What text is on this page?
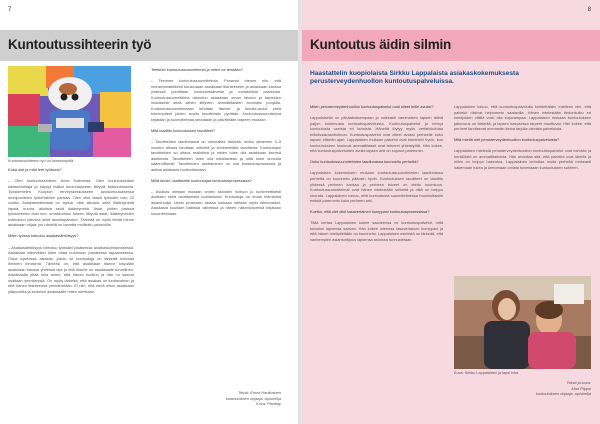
7
Kuntoutussihteerin työ
Kuntoutussihteerin työ on toimistotyötä.

Kuka olet ja mitä teet työksesi?

– Olen kuntoutussihteeri Anne Kaitomaa. Olen koulutukseltani sairaanhoitaja ja käynyt lisäksi kuntoutukseen liittyviä lisäkoulutuksia. Työskentelen Kuopion terveyskeskukseen avokuntoutuksessa monipuolisten työtehtävien parissa. Olen ollut tässä työssäni noin 20 vuotta. Asiakasmateriaali on lapsia, niitä aikuisia sekä ikääntyneitä lapsia, nuoria, aikuisia sekä ikääntyneitä. Asiat, joiden parissa työskentelen ovat mm. omaishoidon tukeen liittyvät asiat, ikääntyneiden kotihoidon palvelut sekä asumispalvelut. Tärkeää on myös tietää minne asiakkaan ohjaa, jos hänellä on tarvetta muillekin palveluille.

Miten työssä toteutuu asiakaslähtöisyys?

– Asiakaslähtöisyys toteutuu työssäni jokaisessa asiakaskohtaamisessa. Asiakkaat näkevätkin tulee ottaa huomioon jokaisessa tapaamisessa. Onpa kyseessä asiakas, jolloin se kuntoutuja on tärkeää kohdata ihminen ihmisenä. Tärkeää on, että asiakkaan tilanne käydään asiakkaan kanssa yhdessä läpi ja että tilanne on asiakkaalle turvallinen. Asiakkaalla pitää tulla tunne, että hänen kuultuu ja hän on saanut osaltaan ymmärrystä. On myös tärkeää, että asiakas on luottavainen ja että hänen tilanteensa ymmärretään. Ei niin, että minä olisin asiakkaan yläpuolella ja kertoisin asiakkaalle miten toimitaan.

Teettekö kuntoutussuunnitelmia ja miten ne tehdään?

– Teemme kuntoutussuunnitelmia. Prosessi etenee niin, että moniammatillisesti tutustutaan asiakkaan tilanteeseen ja asiakkaan kanssa yhdessä pohditaan kuntoutustarvetta ja mahdollisia palveluita. Kuntoutussuunnitelma rakentuu asiakkaan oman tahdon ja tarpeiden mukaisesti sekä siihen liittyvien ammattilaisten arvioiden pohjalta. Kuntoutussuunnitelmaan tehdään tilanne- ja tavoite-arviot sekä toimenpiteet joiden avulla tavoitteisiin pyritään. Kuntoutussuunnitelma kirjataan ja suunnitelmaa seurataan ja päivitetään tarpeen mukaan.

Mitä laadittu kuntoutuksen tavoitteet?

– Tavoitteiden laadinnassa on olennaista tärkeää, mutta viimeinen 3–5 vuoden aikana tarvitaan selkeitä ja konkreettisia tavoitteita. Kuntoutujan tavoitteiden on oltava realistisia ja niiden tulee olla asiakkaan itsensä asettamia. Tavoitteiden tulee olla mitattavissa ja niitä tulee arvioida säännöllisesti. Tavoitteiden asettaminen on osa kuntoutusprosessia ja auttaa asiakasta motivoitumaan.

Millä tavoin osallistatte kuntoutujaa kuntoutusprosessissa?

– Asiakas otetaan mukaan omien asioiden hoitoon jo konkreettisesti aloittaen sekä osoittamalla luottamusta. Kuntoutuja on oman elämänsä asiantuntija. Usein prosessin alussa mukaan otetaan myös lähiomaiset. Asiakasta kuullaan kaikissa vaiheissa ja hänen näkemyksensä kirjataan suunnitelmaan.

Teksti: Emmi Hartikainen
kuntoutuksen ohjaaja -opiskelija
Kuva: Pixabay
8
Kuntoutus äidin silmin
Haastattelin kuopiolaista Sirkku Lappalaista asiakaskokemuksesta perusterveydenhuollon kuntoutuspalveluissa.

Miten perusterveydenhuollon kuntoutuspalvelut ovat olleet teille avuksi?

Lappalaisella on pitkäaikaisempaan ja vaikeasti vammaisen lapsen äitinä paljon kokemusta kuntoutuspalveluista. Kuntoutuspalvelut ja tehnyt kuntoutusta useista eri tahoista. Häneltä löytyy myös vertailukohtaa erikoissairaanhoitoon. Kuntoutuspalvelut ovat olleet avuksi perheelle koko lapsen elämän ajan. Lappalaisen mukaan palvelut ovat toimineet hyvin, kun kuntoutukseen kuuluvat ammattilaiset ovat tehneet yhteistyötä. Hän kokee, että kuntoutuspalveluiden avulla lapsen arki on sujunut paremmin.

Onko kuntoutussuunnitelmien laadinnassa kuunneltu perhettä?

Lappalaisen kokemuksen mukaan kuntoutussuunnitelmien laadinnassa perhettä on kuunneltu pääosin hyvin. Kuntoutuksen tavoitteet on laadittu yhdessä perheen kanssa ja perheen toiveet on otettu huomioon. Kuntoutussuunnitelmat ovat hänen mielestään selkeitä ja niitä on helppo seurata. Lappalainen toivoo, että kuntoutusta suunniteltaessa huomioitaisiin entistä paremmin koko perheen arki.

Koetko, että olet ollut tasavertainen kumppani kuntoutusprosessissa?

Tällä kertaa Lappalainen kokee saaneensa ne kuntoutuspalvelut, mitä toivoikin lapsensa saavan. Hän kokee olleensa tasavertainen kumppani ja että hänen mielipiteitään on kuunneltu. Lappalaisen mielestä on tärkeää, että vanhempien asiantuntijuus lapsensa asioissa tunnustetaan.

Lappalainen toivoo, että kuntoutuspalveluita kehitettäisiin edelleen niin, että palvelut olisivat helpommin saatavilla. Hänen mielestään tiedonkulku eri toimijoiden välillä voisi olla sujuvampaa. Lappalaisen mukaan kuntoutuksen jatkuvuus on tärkeää, ja lapsen kasvaessa tarpeet muuttuvat. Hän kokee, että perheet tarvitsevat enemmän tietoa tarjolla olevista palveluista.

Mitä mieltä olet perusterveydenhuollon kuntoutuspalveluista?

Lappalaisen mielestä perusterveydenhuollon kuntoutuspalvelut ovat toimivia ja henkilöstö on ammattitaitoista. Hän arvostaa sitä, että palvelut ovat lähellä ja niihin on helppo hakeutua. Lappalainen kehottaa muita perheitä rohkeasti hakemaan tukea ja kertomaan omista toiveistaan kuntoutuksen suhteen.

Kuva: Sirkku Lappalainen ja lapsi Inka
Teksti ja kuva:
Mari Piippo
kuntoutuksen ohjaaja -opiskelija
